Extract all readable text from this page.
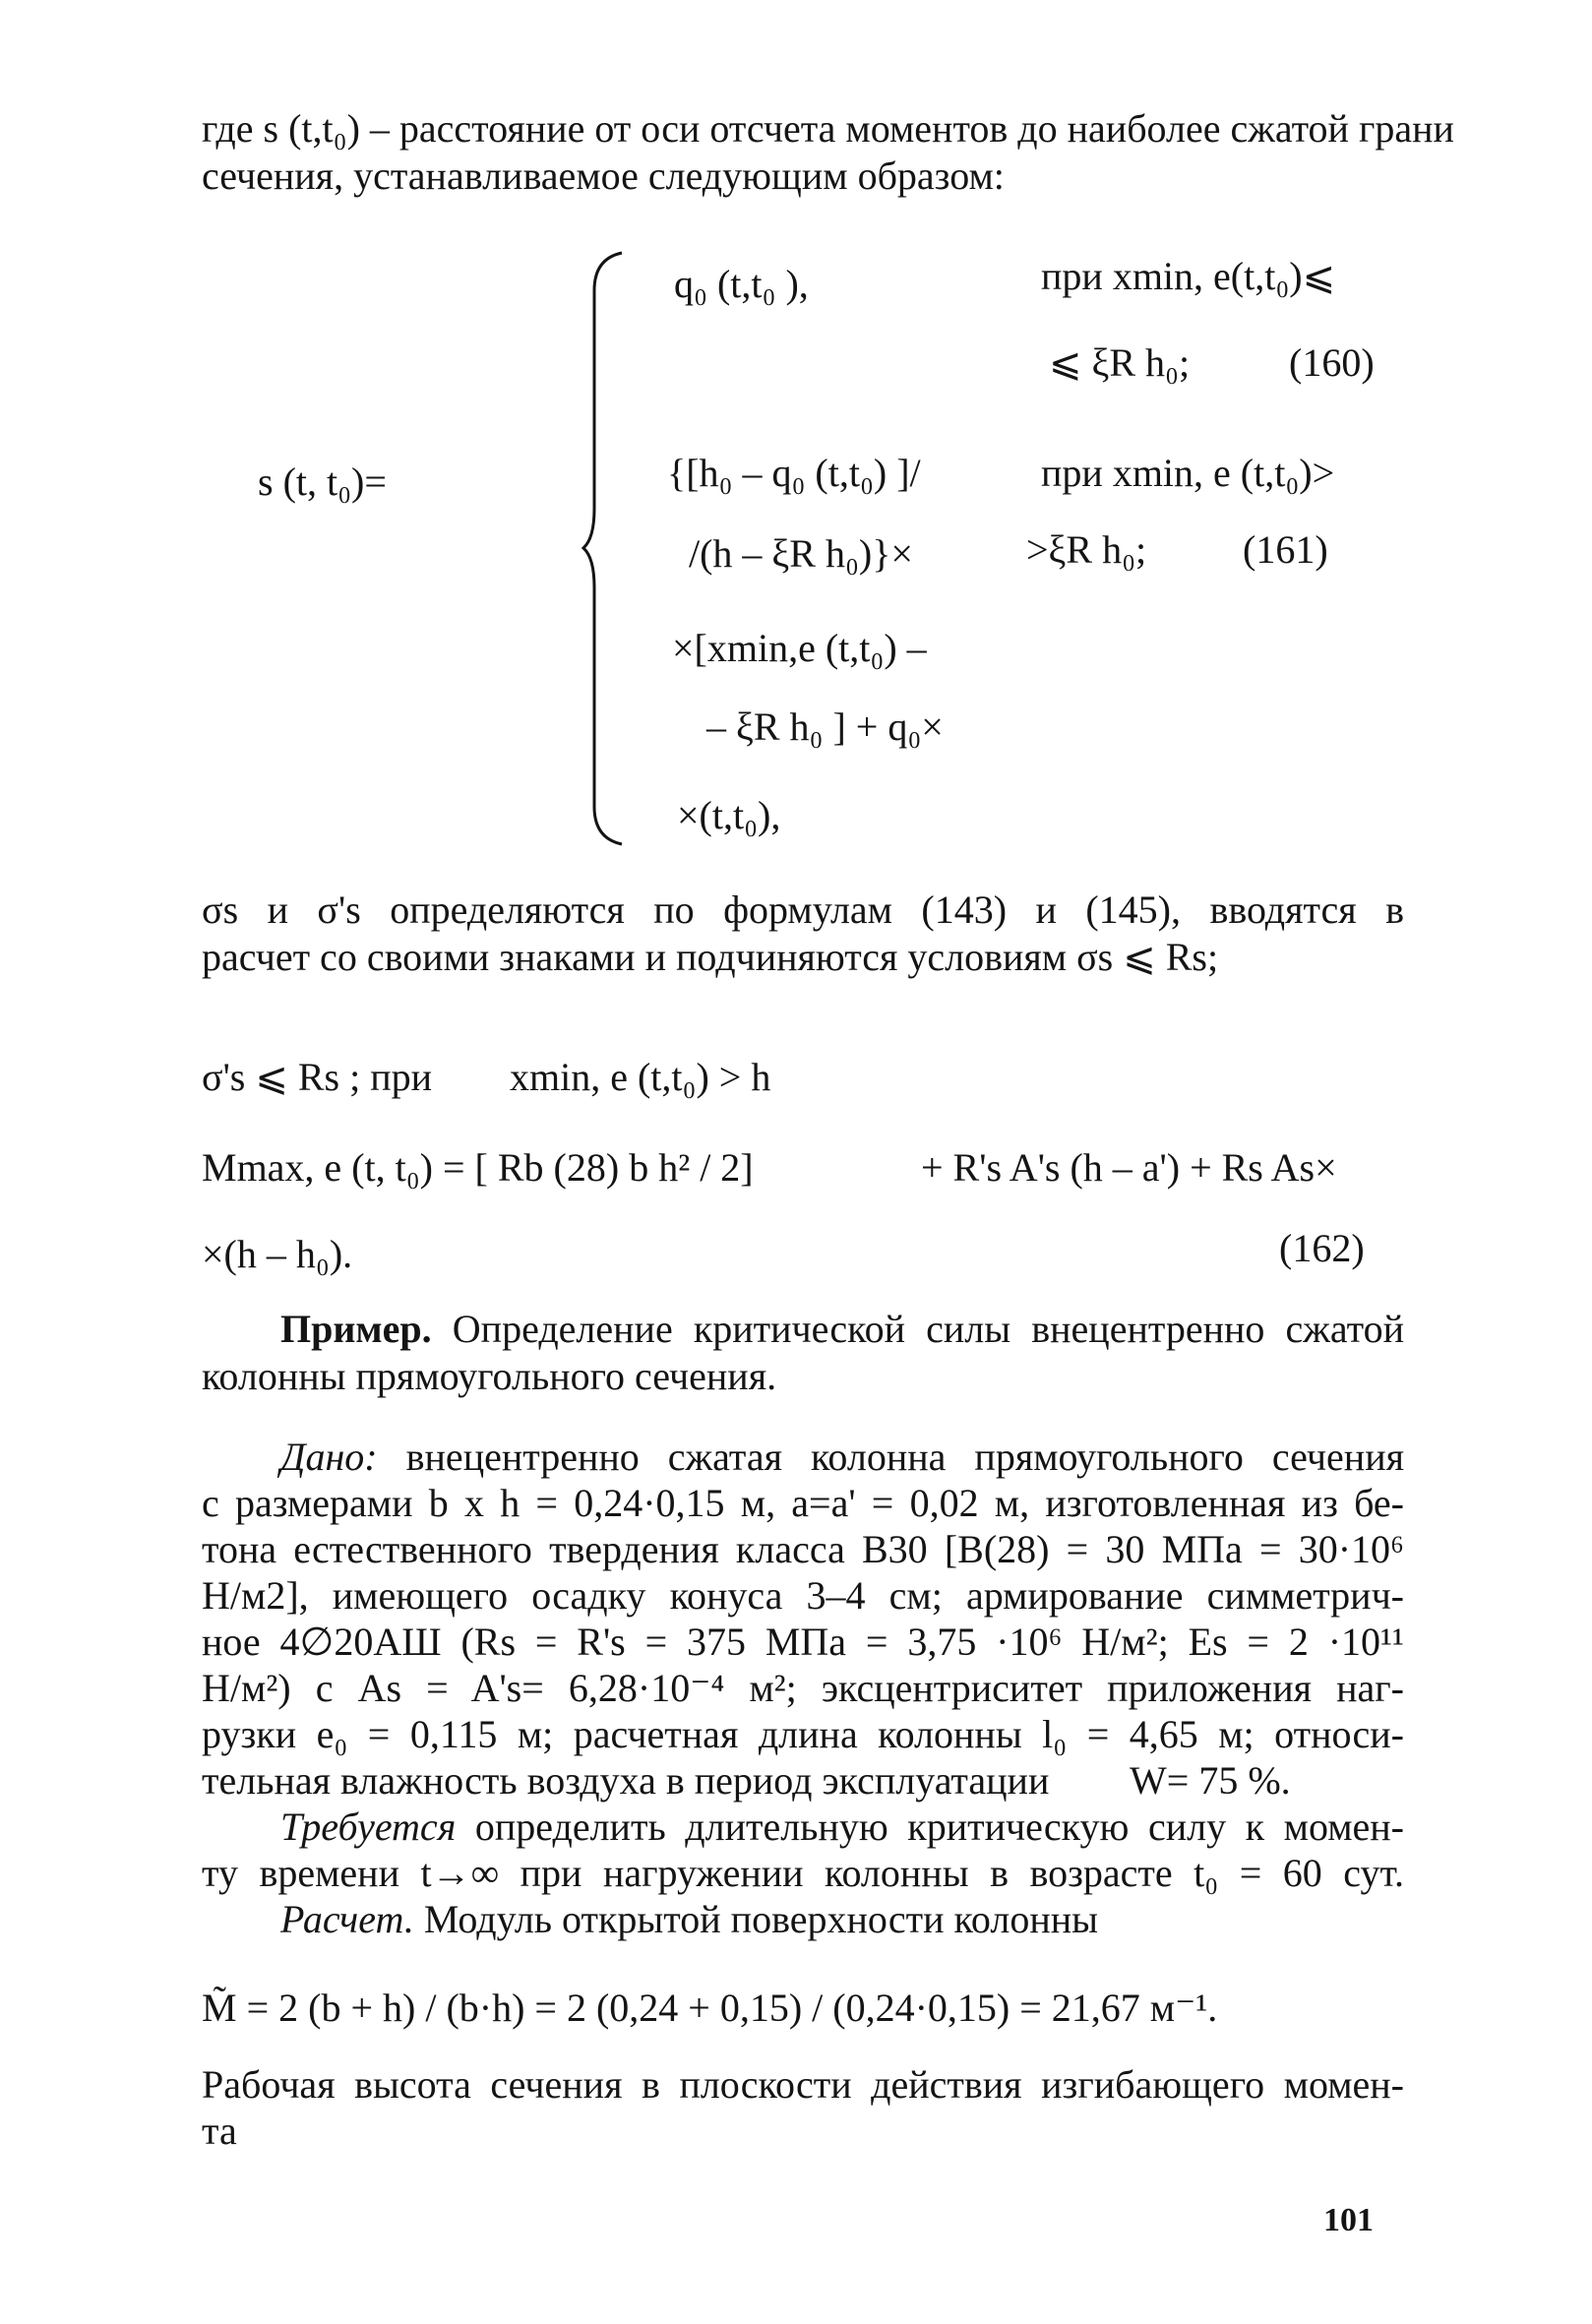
где s (t,t₀) – расстояние от оси отсчета моментов до наиболее сжатой грани
сечения, устанавливаемое следующим образом:
s (t, t₀)=
q₀ (t,t₀ ),	при xmin, e(t,t₀)⩽
⩽ ξR h₀;	(160)
{[h₀ – q₀ (t,t₀) ]/	при xmin, e (t,t₀)>
/(h – ξR h₀)}×	>ξR h₀; (161)
×[xmin,e (t,t₀) –
– ξR h₀ ] + q₀×
×(t,t₀),
σs и σ's определяются по формулам (143) и (145), вводятся в
расчет со своими знаками и подчиняются условиям σs ⩽ Rs;
σ's ⩽ Rs ; при xmin, e (t,t₀) > h
Mmax, e (t, t₀) = [ Rb (28) b h² / 2]	+ R's A's (h – a') + Rs As×
×(h – h₀).	(162)
Пример. Определение критической силы внецентренно сжатой
колонны прямоугольного сечения.
Дано: внецентренно сжатая колонна прямоугольного сечения
с размерами b x h = 0,24·0,15 м, a=a' = 0,02 м, изготовленная из бе-
тона естественного твердения класса В30 [В(28) = 30 МПа = 30·10⁶
Н/м2], имеющего осадку конуса 3–4 см; армирование симметрич-
ное 4∅20АШ (Rs = R's = 375 МПа = 3,75 ·10⁶ Н/м²; Es = 2 ·10¹¹
Н/м²) с As = A's= 6,28·10⁻⁴ м²; эксцентриситет приложения наг-
рузки e₀ = 0,115 м; расчетная длина колонны l₀ = 4,65 м; относи-
тельная влажность воздуха в период эксплуатации W= 75 %.
Требуется определить длительную критическую силу к момен-
ту времени t→∞ при нагружении колонны в возрасте t₀ = 60 сут.
Расчет. Модуль открытой поверхности колонны
M̃ = 2 (b + h) / (b·h) = 2 (0,24 + 0,15) / (0,24·0,15) = 21,67 м⁻¹.
Рабочая высота сечения в плоскости действия изгибающего момен-
та
101
